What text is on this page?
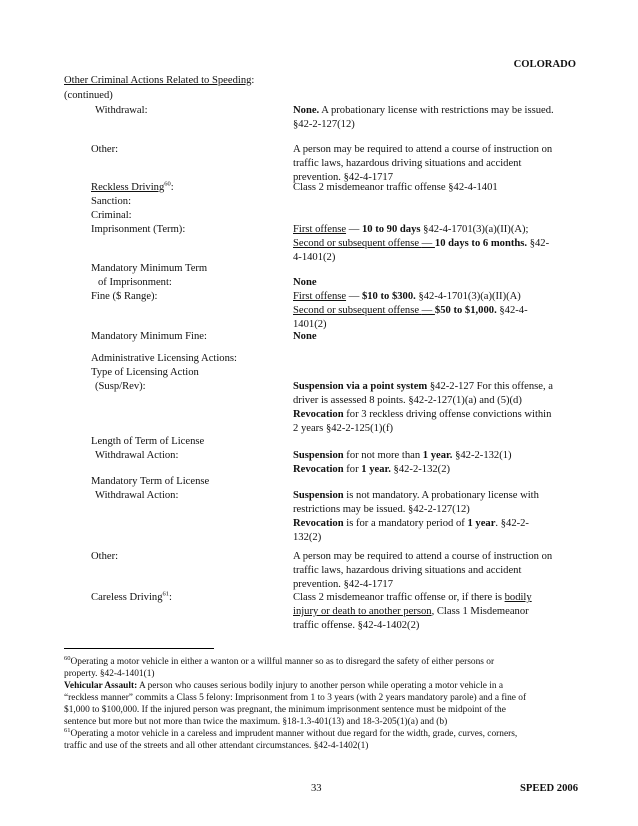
COLORADO
Other Criminal Actions Related to Speeding:
(continued)
Withdrawal:	None. A probationary license with restrictions may be issued.
§42-2-127(12)
Other:	A person may be required to attend a course of instruction on
traffic laws, hazardous driving situations and accident
prevention. §42-4-1717
Reckless Driving$^{60}$:	Class 2 misdemeanor traffic offense §42-4-1401
Sanction:
Criminal:
Imprisonment (Term):	First offense — 10 to 90 days §42-4-1701(3)(a)(II)(A);
Second or subsequent offense — 10 days to 6 months. §42-
4-1401(2)
Mandatory Minimum Term
of Imprisonment:	None
Fine ($ Range):	First offense — $10 to $300. §42-4-1701(3)(a)(II)(A)
Second or subsequent offense — $50 to $1,000. §42-4-
1401(2)
Mandatory Minimum Fine:	None
Administrative Licensing Actions:
Type of Licensing Action
(Susp/Rev):	Suspension via a point system §42-2-127 For this offense, a
driver is assessed 8 points. §42-2-127(1)(a) and (5)(d)
Revocation for 3 reckless driving offense convictions within
2 years §42-2-125(1)(f)
Length of Term of License
Withdrawal Action:	Suspension for not more than 1 year. §42-2-132(1)
Revocation for 1 year. §42-2-132(2)
Mandatory Term of License
Withdrawal Action:	Suspension is not mandatory. A probationary license with
restrictions may be issued. §42-2-127(12)
Revocation is for a mandatory period of 1 year. §42-2-
132(2)
Other:	A person may be required to attend a course of instruction on
traffic laws, hazardous driving situations and accident
prevention. §42-4-1717
Careless Driving$^{61}$:	Class 2 misdemeanor traffic offense or, if there is bodily
injury or death to another person, Class 1 Misdemeanor
traffic offense. §42-4-1402(2)
$^{60}$Operating a motor vehicle in either a wanton or a willful manner so as to disregard the safety of either persons or
property. §42-4-1401(1)
Vehicular Assault: A person who causes serious bodily injury to another person while operating a motor vehicle in a
“reckless manner” commits a Class 5 felony: Imprisonment from 1 to 3 years (with 2 years mandatory parole) and a fine of
$1,000 to $100,000. If the injured person was pregnant, the minimum imprisonment sentence must be midpoint of the
sentence but more but not more than twice the maximum. §18-1.3-401(13) and 18-3-205(1)(a) and (b)
$^{61}$Operating a motor vehicle in a careless and imprudent manner without due regard for the width, grade, curves, corners,
traffic and use of the streets and all other attendant circumstances. §42-4-1402(1)
33	SPEED 2006
